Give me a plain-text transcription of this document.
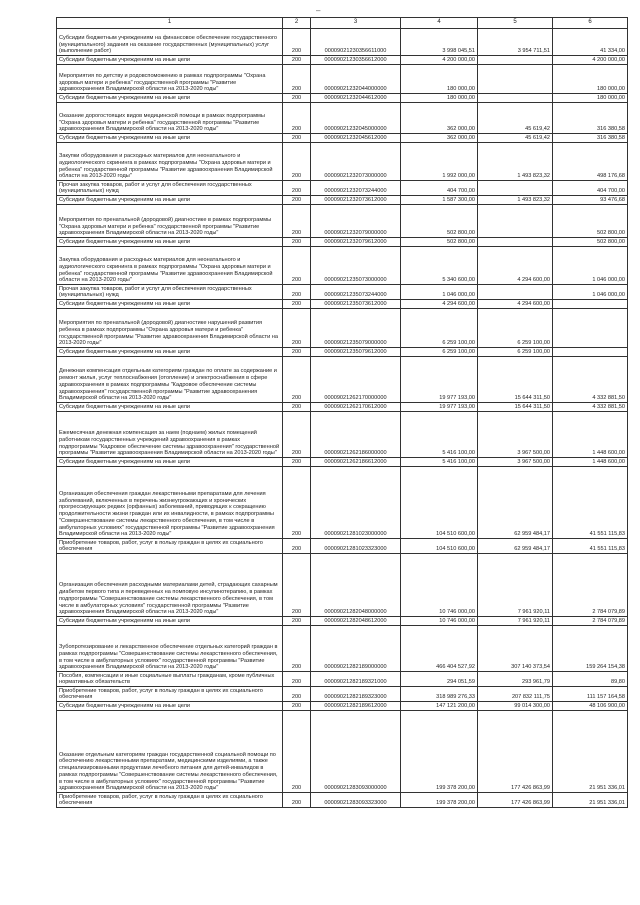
–
1	2	3	4	5	6
Субсидии бюджетным учреждениям на финансовое обеспечение государственного (муниципального) задания на оказание государственных (муниципальных) услуг (выполнение работ)	200	00009021230356611000	3 998 045,51	3 954 711,51	41 334,00
Субсидии бюджетным учреждениям на иные цели	200	00009021230356612000	4 200 000,00		4 200 000,00
Мероприятия по детству и родовспоможению в рамках подпрограммы "Охрана здоровья матери и ребенка" государственной программы "Развитие здравоохранения Владимирской области на 2013-2020 годы"	200	00009021232044000000	180 000,00		180 000,00
Субсидии бюджетным учреждениям на иные цели	200	00009021232044612000	180 000,00		180 000,00
Оказание дорогостоящих видов медицинской помощи в рамках подпрограммы "Охрана здоровья матери и ребенка" государственной программы "Развитие здравоохранения Владимирской области на 2013-2020 годы"	200	00009021232045000000	362 000,00	45 619,42	316 380,58
Субсидии бюджетным учреждениям на иные цели	200	00009021232045612000	362 000,00	45 619,42	316 380,58
Закупки оборудования и расходных материалов для неонатального и аудиологического скрининга в рамках подпрограммы "Охрана здоровья матери и ребенка" государственной программы "Развитие здравоохранения Владимирской области на 2013-2020 годы"	200	00009021232073000000	1 992 000,00	1 493 823,32	498 176,68
Прочая закупка товаров, работ и услуг для обеспечения государственных (муниципальных) нужд	200	00009021232073244000	404 700,00		404 700,00
Субсидии бюджетным учреждениям на иные цели	200	00009021232073612000	1 587 300,00	1 493 823,32	93 476,68
Мероприятия по пренатальной (дородовой) диагностике в рамках подпрограммы "Охрана здоровья матери и ребенка" государственной программы "Развитие здравоохранения Владимирской области на 2013-2020 годы"	200	00009021232079000000	502 800,00		502 800,00
Субсидии бюджетным учреждениям на иные цели	200	00009021232079612000	502 800,00		502 800,00
Закупка оборудования и расходных материалов для неонатального и аудиологического скрининга в рамках подпрограммы "Охрана здоровья матери и ребенка" государственной программы "Развитие здравоохранения Владимирской области на 2013-2020 годы"	200	00009021235073000000	5 340 600,00	4 294 600,00	1 046 000,00
Прочая закупка товаров, работ и услуг для обеспечения государственных (муниципальных) нужд	200	00009021235073244000	1 046 000,00		1 046 000,00
Субсидии бюджетным учреждениям на иные цели	200	00009021235073612000	4 294 600,00	4 294 600,00	
Мероприятия по пренатальной (дородовой) диагностике нарушений развития ребенка в рамках подпрограммы "Охрана здоровья матери и ребенка" государственной программы "Развитие здравоохранения Владимирской области на 2013-2020 годы"	200	00009021235079000000	6 259 100,00	6 259 100,00	
Субсидии бюджетным учреждениям на иные цели	200	00009021235079612000	6 259 100,00	6 259 100,00	
Денежная компенсация отдельным категориям граждан по оплате за содержание и ремонт жилья, услуг теплоснабжения (отопление) и электроснабжения в сфере здравоохранения в рамках подпрограммы "Кадровое обеспечение системы здравоохранения" государственной программы "Развитие здравоохранения Владимирской области на 2013-2020 годы"	200	00009021262170000000	19 977 193,00	15 644 311,50	4 332 881,50
Субсидии бюджетным учреждениям на иные цели	200	00009021262170612000	19 977 193,00	15 644 311,50	4 332 881,50
Ежемесячная денежная компенсация за наем (поднаем) жилых помещений работникам государственных учреждений здравоохранения в рамках подпрограммы "Кадровое обеспечение системы здравоохранения" государственной программы "Развитие здравоохранения Владимирской области на 2013-2020 годы"	200	00009021262186000000	5 416 100,00	3 967 500,00	1 448 600,00
Субсидии бюджетным учреждениям на иные цели	200	00009021262186612000	5 416 100,00	3 967 500,00	1 448 600,00
Организация обеспечения граждан лекарственными препаратами для лечения заболеваний, включенных в перечень жизнеугрожающих и хронических прогрессирующих редких (орфанных) заболеваний, приводящих к сокращению продолжительности жизни граждан или их инвалидности, в рамках подпрограммы "Совершенствование системы лекарственного обеспечения, в том числе в амбулаторных условиях" государственной программы "Развитие здравоохранения Владимирской области на 2013-2020 годы"	200	00009021281023000000	104 510 600,00	62 959 484,17	41 551 115,83
Приобретение товаров, работ, услуг в пользу граждан в целях их социального обеспечения	200	00009021281023323000	104 510 600,00	62 959 484,17	41 551 115,83
Организация обеспечения расходными материалами детей, страдающих сахарным диабетом первого типа и переведенных на помповую инсулинотерапию, в рамках подпрограммы "Совершенствование системы лекарственного обеспечения, в том числе в амбулаторных условиях" государственной программы "Развитие здравоохранения Владимирской области на 2013-2020 годы"	200	00009021282048000000	10 746 000,00	7 961 920,11	2 784 079,89
Субсидии бюджетным учреждениям на иные цели	200	00009021282048612000	10 746 000,00	7 961 920,11	2 784 079,89
Зубопротезирование и лекарственное обеспечение отдельных категорий граждан в рамках подпрограммы "Совершенствование системы лекарственного обеспечения, в том числе в амбулаторных условиях" государственной программы "Развитие здравоохранения Владимирской области на 2013-2020 годы"	200	00009021282189000000	466 404 527,92	307 140 373,54	159 264 154,38
Пособия, компенсации и иные социальные выплаты гражданам, кроме публичных нормативных обязательств	200	00009021282189321000	294 051,59	293 961,79	89,80
Приобретение товаров, работ, услуг в пользу граждан в целях их социального обеспечения	200	00009021282189323000	318 989 276,33	207 832 111,75	111 157 164,58
Субсидии бюджетным учреждениям на иные цели	200	00009021282189612000	147 121 200,00	99 014 300,00	48 106 900,00
Оказание отдельным категориям граждан государственной социальной помощи по обеспечению лекарственными препаратами, медицинскими изделиями, а также специализированными продуктами лечебного питания для детей-инвалидов в рамках подпрограммы "Совершенствование системы лекарственного обеспечения, в том числе в амбулаторных условиях" государственной программы "Развитие здравоохранения Владимирской области на 2013-2020 годы"	200	00009021283093000000	199 378 200,00	177 426 863,99	21 951 336,01
Приобретение товаров, работ, услуг в пользу граждан в целях их социального обеспечения	200	00009021283093323000	199 378 200,00	177 426 863,99	21 951 336,01
